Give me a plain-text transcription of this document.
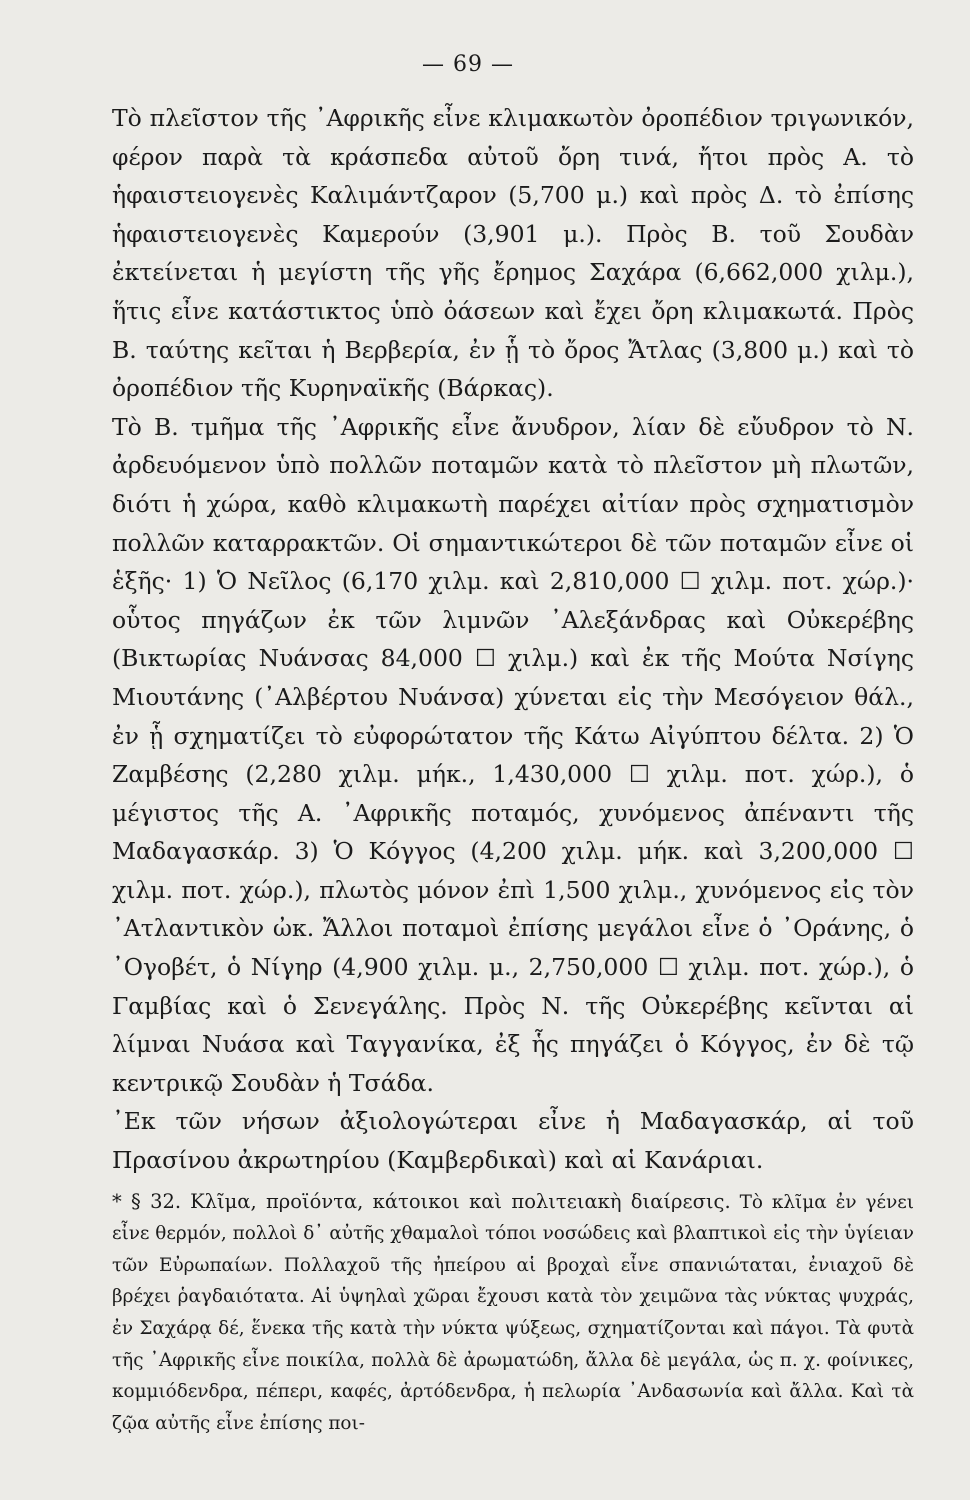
— 69 —

Τὸ πλεῖστον τῆς ᾿Αφρικῆς εἶνε κλιμακωτὸν ὀροπέδιον τριγωνικόν, φέρον παρὰ τὰ κράσπεδα αὐτοῦ ὄρη τινά, ἤτοι πρὸς Α. τὸ ἡφαιστειογενὲς Καλιμάντζαρον (5,700 μ.) καὶ πρὸς Δ. τὸ ἐπίσης ἡφαιστειογενὲς Καμερούν (3,901 μ.). Πρὸς Β. τοῦ Σουδὰν ἐκτείνεται ἡ μεγίστη τῆς γῆς ἔρημος Σαχάρα (6,662,000 χιλμ.), ἥτις εἶνε κατάστικτος ὑπὸ ὀάσεων καὶ ἔχει ὄρη κλιμακωτά. Πρὸς Β. ταύτης κεῖται ἡ Βερβερία, ἐν ᾗ τὸ ὄρος Ἄτλας (3,800 μ.) καὶ τὸ ὀροπέδιον τῆς Κυρηναϊκῆς (Βάρκας).

Τὸ Β. τμῆμα τῆς ᾿Αφρικῆς εἶνε ἄνυδρον, λίαν δὲ εὔυδρον τὸ Ν. ἀρδευόμενον ὑπὸ πολλῶν ποταμῶν κατὰ τὸ πλεῖστον μὴ πλωτῶν, διότι ἡ χώρα, καθὸ κλιμακωτὴ παρέχει αἰτίαν πρὸς σχηματισμὸν πολλῶν καταρρακτῶν. Οἱ σημαντικώτεροι δὲ τῶν ποταμῶν εἶνε οἱ ἑξῆς· 1) Ὁ Νεῖλος (6,170 χιλμ. καὶ 2,810,000 ☐ χιλμ. ποτ. χώρ.)· οὗτος πηγάζων ἐκ τῶν λιμνῶν ᾿Αλεξάνδρας καὶ Οὐκερέβης (Βικτωρίας Νυάνσας 84,000 ☐ χιλμ.) καὶ ἐκ τῆς Μούτα Νσίγης Μιουτάνης (᾿Αλβέρτου Νυάνσα) χύνεται εἰς τὴν Μεσόγειον θάλ., ἐν ᾗ σχηματίζει τὸ εὐφορώτατον τῆς Κάτω Αἰγύπτου δέλτα. 2) Ὁ Ζαμβέσης (2,280 χιλμ. μήκ., 1,430,000 ☐ χιλμ. ποτ. χώρ.), ὁ μέγιστος τῆς Α. ᾿Αφρικῆς ποταμός, χυνόμενος ἀπέναντι τῆς Μαδαγασκάρ. 3) Ὁ Κόγγος (4,200 χιλμ. μήκ. καὶ 3,200,000 ☐ χιλμ. ποτ. χώρ.), πλωτὸς μόνον ἐπὶ 1,500 χιλμ., χυνόμενος εἰς τὸν ᾿Ατλαντικὸν ὠκ. Ἄλλοι ποταμοὶ ἐπίσης μεγάλοι εἶνε ὁ ᾿Οράνης, ὁ ᾿Ογοβέτ, ὁ Νίγηρ (4,900 χιλμ. μ., 2,750,000 ☐ χιλμ. ποτ. χώρ.), ὁ Γαμβίας καὶ ὁ Σενεγάλης. Πρὸς Ν. τῆς Οὐκερέβης κεῖνται αἱ λίμναι Νυάσα καὶ Ταγγανίκα, ἐξ ἧς πηγάζει ὁ Κόγγος, ἐν δὲ τῷ κεντρικῷ Σουδὰν ἡ Τσάδα.

᾿Εκ τῶν νήσων ἀξιολογώτεραι εἶνε ἡ Μαδαγασκάρ, αἱ τοῦ Πρασίνου ἀκρωτηρίου (Καμβερδικαὶ) καὶ αἱ Κανάριαι.

* § 32. Κλῖμα, προϊόντα, κάτοικοι καὶ πολιτειακὴ διαίρεσις. Τὸ κλῖμα ἐν γένει εἶνε θερμόν, πολλοὶ δ᾿ αὐτῆς χθαμαλοὶ τόποι νοσώδεις καὶ βλαπτικοὶ εἰς τὴν ὑγίειαν τῶν Εὐρωπαίων. Πολλαχοῦ τῆς ἠπείρου αἱ βροχαὶ εἶνε σπανιώταται, ἐνιαχοῦ δὲ βρέχει ῥαγδαιότατα. Αἱ ὑψηλαὶ χῶραι ἔχουσι κατὰ τὸν χειμῶνα τὰς νύκτας ψυχράς, ἐν Σαχάρᾳ δέ, ἕνεκα τῆς κατὰ τὴν νύκτα ψύξεως, σχηματίζονται καὶ πάγοι. Τὰ φυτὰ τῆς ᾿Αφρικῆς εἶνε ποικίλα, πολλὰ δὲ ἀρωματώδη, ἄλλα δὲ μεγάλα, ὡς π. χ. φοίνικες, κομμιόδενδρα, πέπερι, καφές, ἀρτόδενδρα, ἡ πελωρία ᾿Ανδασωνία καὶ ἄλλα. Καὶ τὰ ζῷα αὐτῆς εἶνε ἐπίσης ποι-
